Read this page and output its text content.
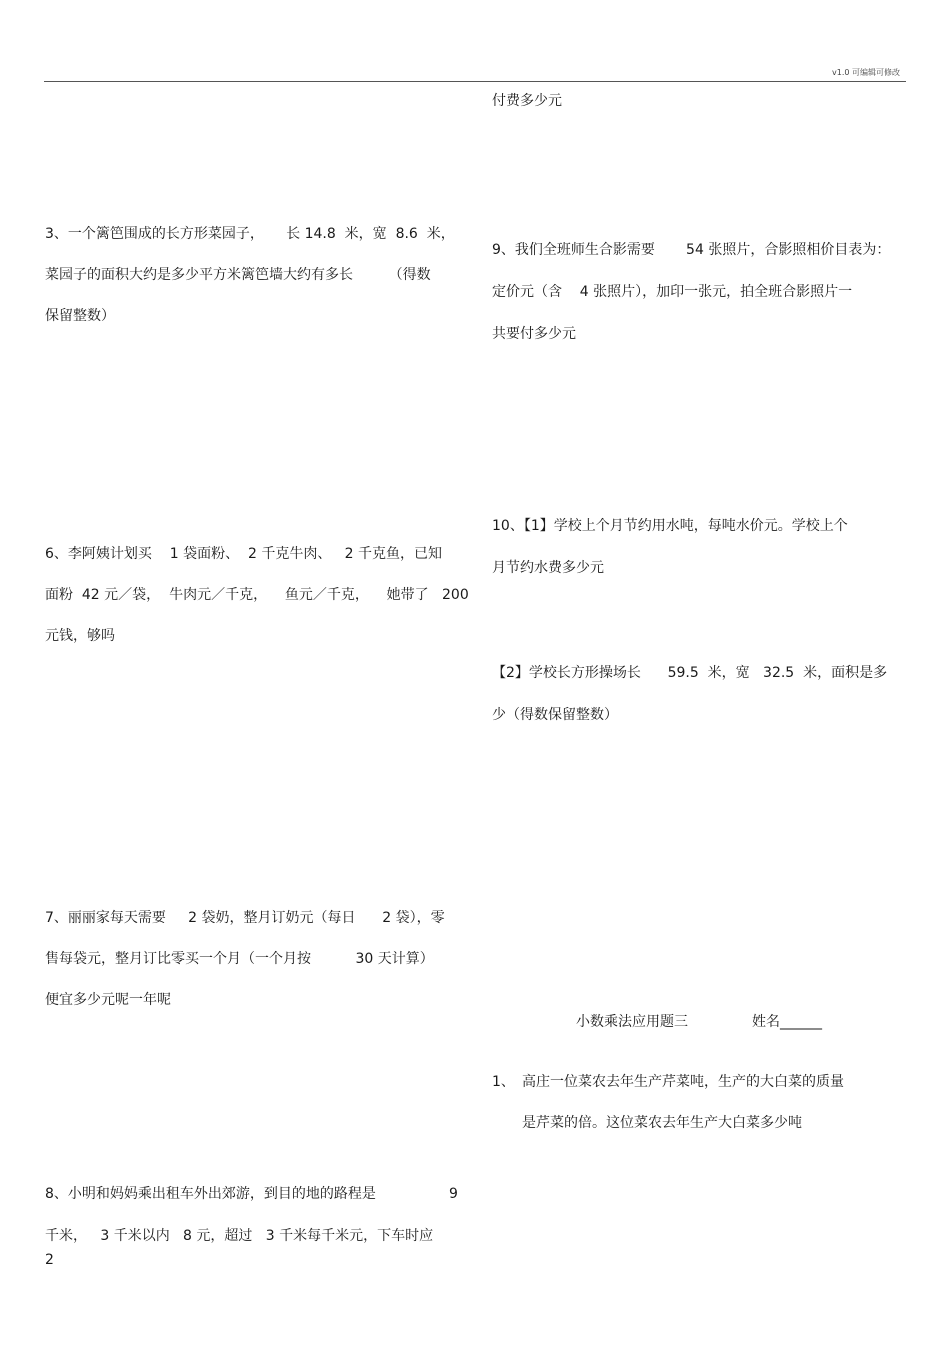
v1.0 可编辑可修改
3、一个篱笆围成的长方形菜园子，     长 14.8  米，宽  8.6  米，
菜园子的面积大约是多少平方米篱笆墙大约有多长        （得数
保留整数）
6、李阿姨计划买    1 袋面粉、  2 千克牛肉、   2 千克鱼，已知
面粉  42 元／袋，  牛肉元／千克，    鱼元／千克，    她带了   200
元钱，够吗
7、丽丽家每天需要     2 袋奶，整月订奶元（每日      2 袋），零
售每袋元，整月订比零买一个月（一个月按          30 天计算）
便宜多少元呢一年呢
8、小明和妈妈乘出租车外出郊游，到目的地的路程是	9
千米，   3 千米以内   8 元，超过   3 千米每千米元，下车时应
2
付费多少元
9、我们全班师生合影需要       54 张照片，合影照相价目表为：
定价元（含    4 张照片），加印一张元，拍全班合影照片一
共要付多少元
10、【1】学校上个月节约用水吨，每吨水价元。学校上个
月节约水费多少元
【2】学校长方形操场长      59.5  米，宽   32.5  米，面积是多
少（得数保留整数）
小数乘法应用题三	姓名______
1、 高庄一位菜农去年生产芹菜吨，生产的大白菜的质量
是芹菜的倍。这位菜农去年生产大白菜多少吨
